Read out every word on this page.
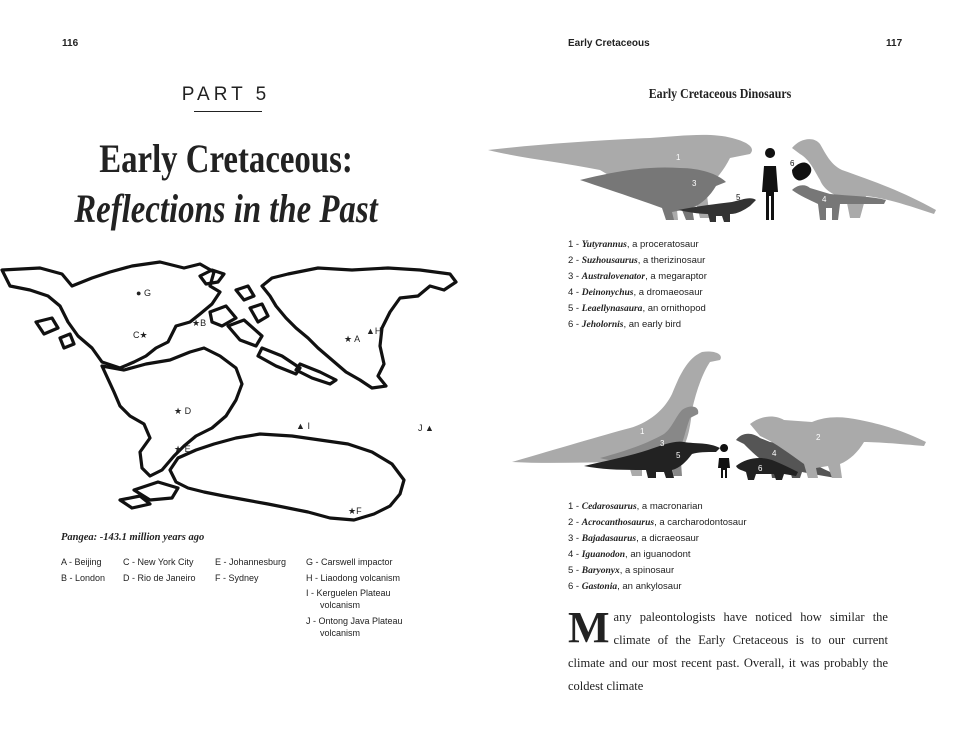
116
PART 5
Early Cretaceous:
Reflections in the Past
● G
C★
★B
★ A
▲H
★ D
★ E
▲ I	J ▲
★F
Pangea: -143.1 million years ago
A - Beijing
B - London
C - New York City
D - Rio de Janeiro
E - Johannesburg
F - Sydney
G - Carswell impactor
H - Liaodong volcanism
I - Kerguelen Plateau volcanism
J - Ontong Java Plateau volcanism
Early Cretaceous	117
Early Cretaceous Dinosaurs
1
2
3
4
5
6
1 - Yutyrannus, a proceratosaur
2 - Suzhousaurus, a therizinosaur
3 - Australovenator, a megaraptor
4 - Deinonychus, a dromaeosaur
5 - Leaellynasaura, an ornithopod
6 - Jeholornis, an early bird
1
2
3
4
5
6
1 - Cedarosaurus, a macronarian
2 - Acrocanthosaurus, a carcharodontosaur
3 - Bajadasaurus, a dicraeosaur
4 - Iguanodon, an iguanodont
5 - Baryonyx, a spinosaur
6 - Gastonia, an ankylosaur
Many paleontologists have noticed how similar the climate of the Early Cretaceous is to our current climate and our most recent past. Overall, it was probably the coldest climate
